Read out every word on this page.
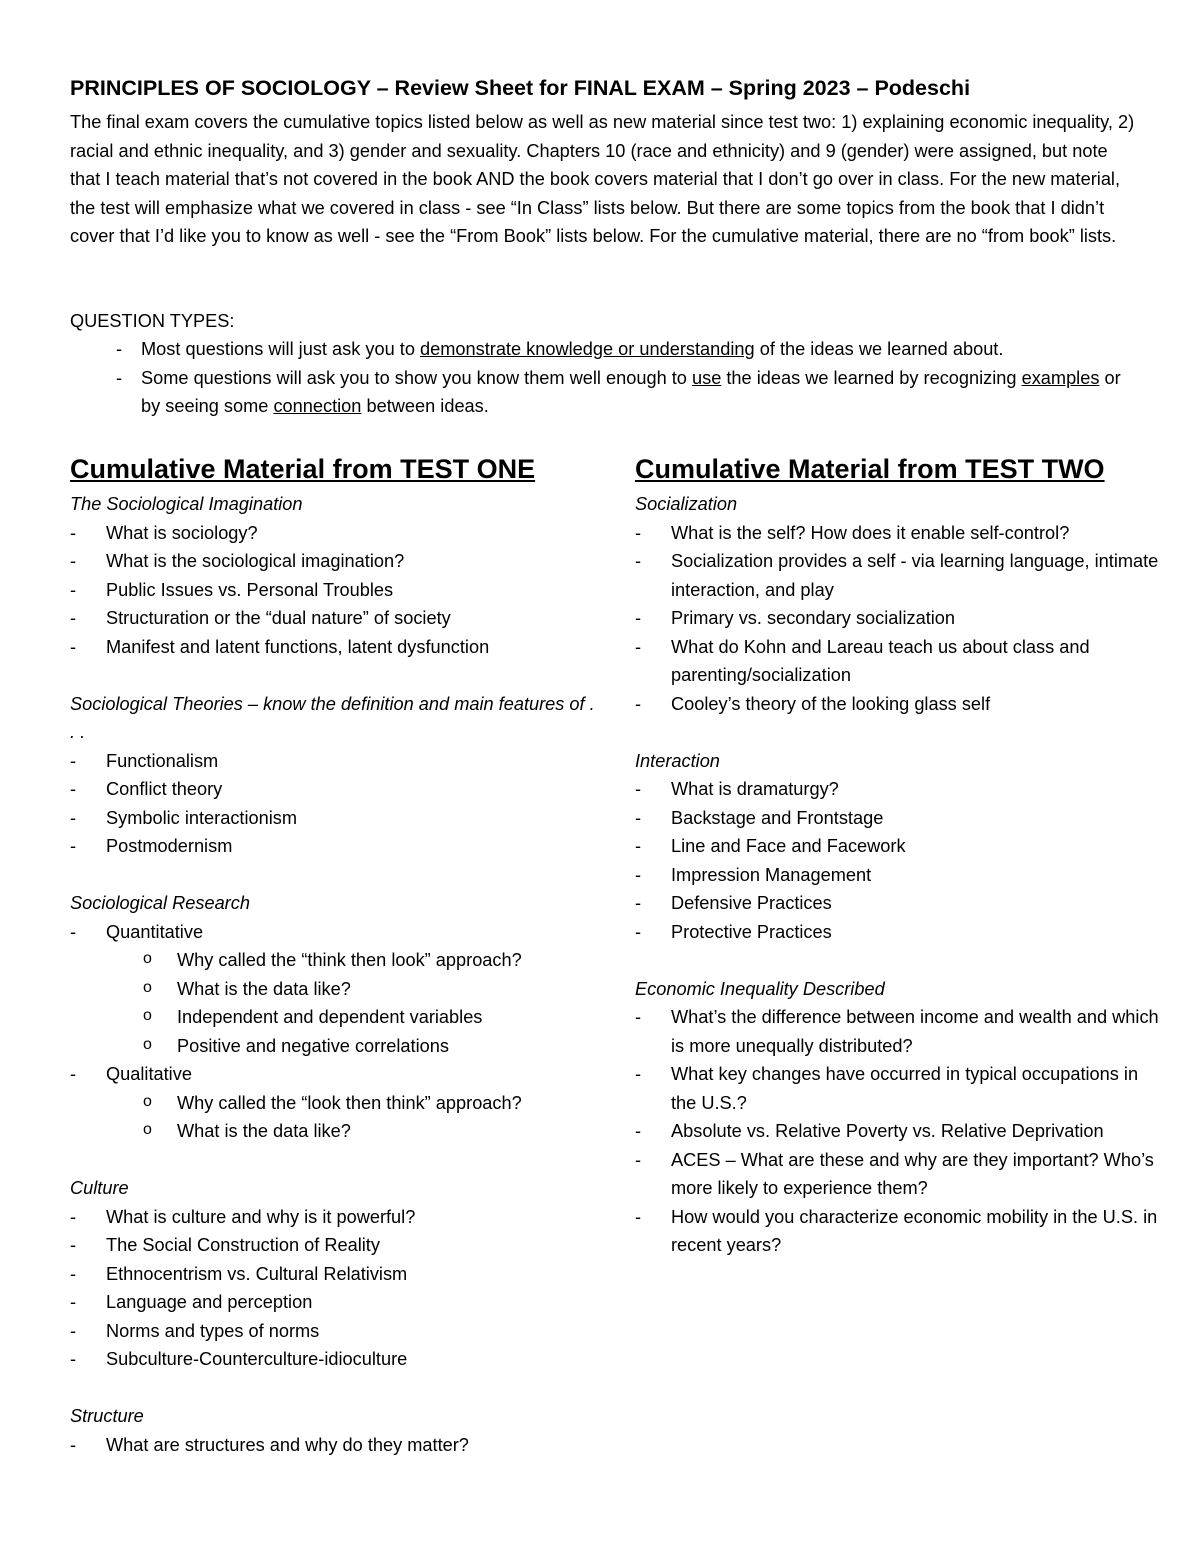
PRINCIPLES OF SOCIOLOGY – Review Sheet for FINAL EXAM – Spring 2023 – Podeschi

The final exam covers the cumulative topics listed below as well as new material since test two: 1) explaining economic inequality, 2) racial and ethnic inequality, and 3) gender and sexuality. Chapters 10 (race and ethnicity) and 9 (gender) were assigned, but note that I teach material that’s not covered in the book AND the book covers material that I don’t go over in class. For the new material, the test will emphasize what we covered in class - see “In Class” lists below. But there are some topics from the book that I didn’t cover that I’d like you to know as well - see the “From Book” lists below. For the cumulative material, there are no “from book” lists.

QUESTION TYPES:
- Most questions will just ask you to demonstrate knowledge or understanding of the ideas we learned about.
- Some questions will ask you to show you know them well enough to use the ideas we learned by recognizing examples or by seeing some connection between ideas.
Cumulative Material from TEST ONE
The Sociological Imagination
- What is sociology?
- What is the sociological imagination?
- Public Issues vs. Personal Troubles
- Structuration or the “dual nature” of society
- Manifest and latent functions, latent dysfunction
Sociological Theories – know the definition and main features of . . .
- Functionalism
- Conflict theory
- Symbolic interactionism
- Postmodernism
Sociological Research
- Quantitative
o Why called the “think then look” approach?
o What is the data like?
o Independent and dependent variables
o Positive and negative correlations
- Qualitative
o Why called the “look then think” approach?
o What is the data like?
Culture
- What is culture and why is it powerful?
- The Social Construction of Reality
- Ethnocentrism vs. Cultural Relativism
- Language and perception
- Norms and types of norms
- Subculture-Counterculture-idioculture
Structure
- What are structures and why do they matter?
Cumulative Material from TEST TWO
Socialization
- What is the self? How does it enable self-control?
- Socialization provides a self - via learning language, intimate interaction, and play
- Primary vs. secondary socialization
- What do Kohn and Lareau teach us about class and parenting/socialization
- Cooley’s theory of the looking glass self
Interaction
- What is dramaturgy?
- Backstage and Frontstage
- Line and Face and Facework
- Impression Management
- Defensive Practices
- Protective Practices
Economic Inequality Described
- What’s the difference between income and wealth and which is more unequally distributed?
- What key changes have occurred in typical occupations in the U.S.?
- Absolute vs. Relative Poverty vs. Relative Deprivation
- ACES – What are these and why are they important? Who’s more likely to experience them?
- How would you characterize economic mobility in the U.S. in recent years?
